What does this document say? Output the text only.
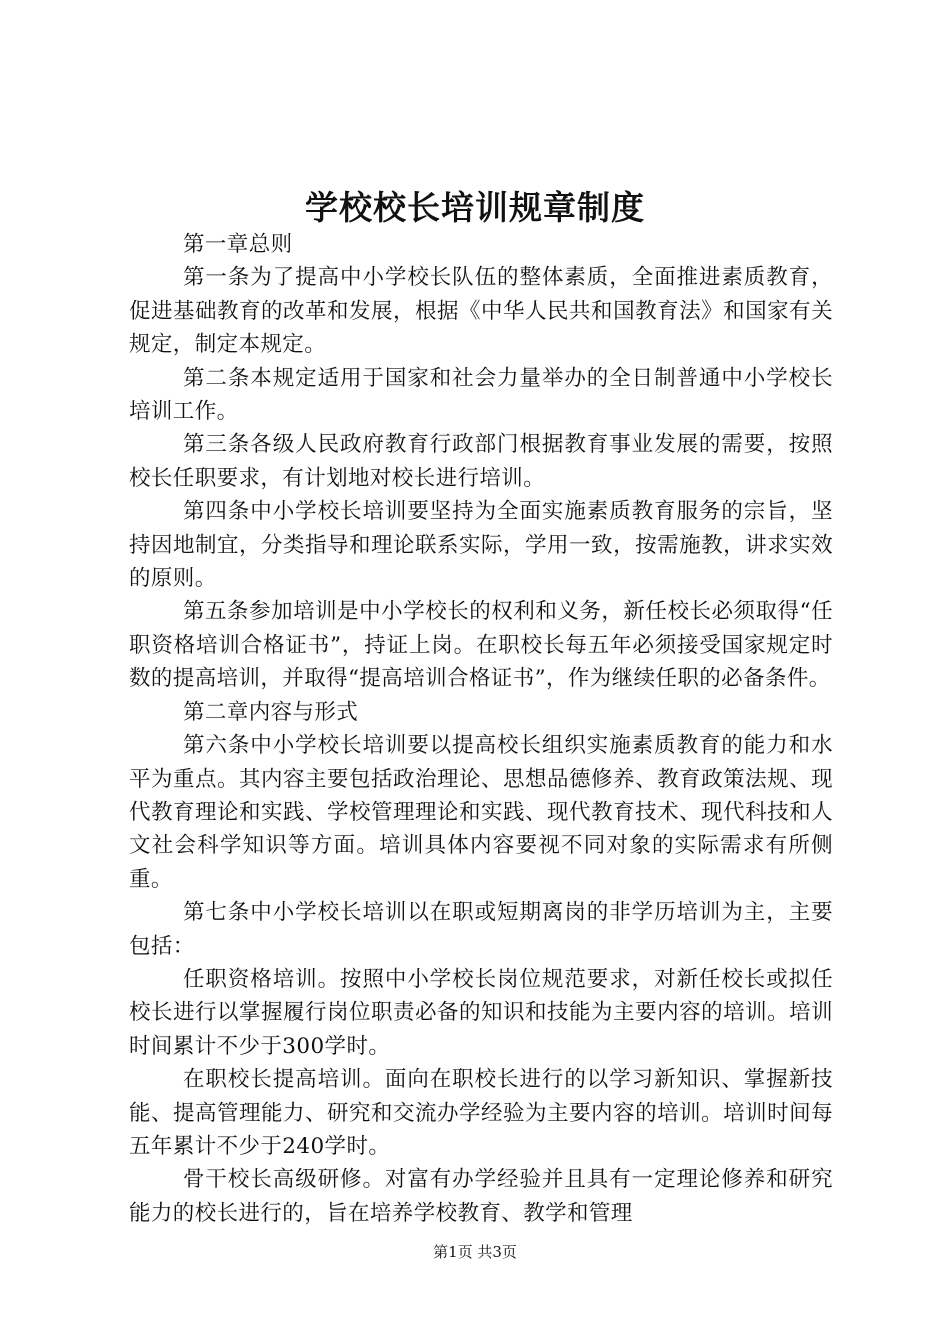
学校校长培训规章制度

第一章总则

第一条为了提高中小学校长队伍的整体素质，全面推进素质教育，促进基础教育的改革和发展，根据《中华人民共和国教育法》和国家有关规定，制定本规定。

第二条本规定适用于国家和社会力量举办的全日制普通中小学校长培训工作。

第三条各级人民政府教育行政部门根据教育事业发展的需要，按照校长任职要求，有计划地对校长进行培训。

第四条中小学校长培训要坚持为全面实施素质教育服务的宗旨，坚持因地制宜，分类指导和理论联系实际，学用一致，按需施教，讲求实效的原则。

第五条参加培训是中小学校长的权利和义务，新任校长必须取得“任职资格培训合格证书”，持证上岗。在职校长每五年必须接受国家规定时数的提高培训，并取得“提高培训合格证书”，作为继续任职的必备条件。

第二章内容与形式

第六条中小学校长培训要以提高校长组织实施素质教育的能力和水平为重点。其内容主要包括政治理论、思想品德修养、教育政策法规、现代教育理论和实践、学校管理理论和实践、现代教育技术、现代科技和人文社会科学知识等方面。培训具体内容要视不同对象的实际需求有所侧重。

第七条中小学校长培训以在职或短期离岗的非学历培训为主，主要包括：

任职资格培训。按照中小学校长岗位规范要求，对新任校长或拟任校长进行以掌握履行岗位职责必备的知识和技能为主要内容的培训。培训时间累计不少于300学时。

在职校长提高培训。面向在职校长进行的以学习新知识、掌握新技能、提高管理能力、研究和交流办学经验为主要内容的培训。培训时间每五年累计不少于240学时。

骨干校长高级研修。对富有办学经验并且具有一定理论修养和研究能力的校长进行的，旨在培养学校教育、教学和管理

第1页 共3页
